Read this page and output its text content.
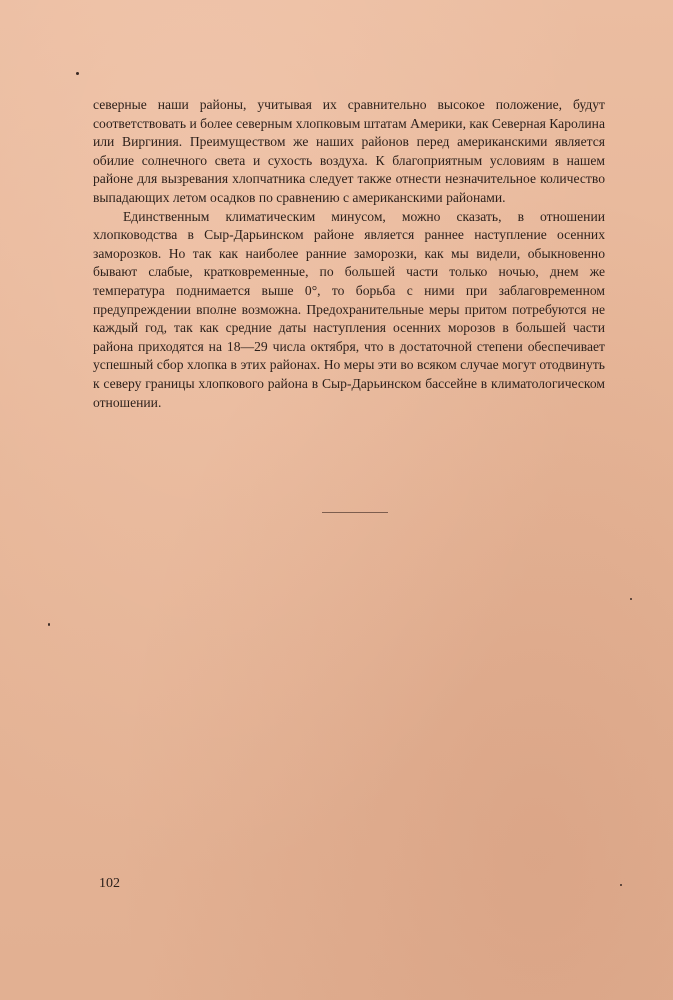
северные наши районы, учитывая их сравнительно высокое положение, будут соответствовать и более северным хлопковым штатам Америки, как Северная Каролина или Виргиния. Преимуществом же наших районов перед американскими является обилие солнечного света и сухость воздуха. К благоприятным условиям в нашем районе для вызревания хлопчатника следует также отнести незначительное количество выпадающих летом осадков по сравнению с американскими районами.

Единственным климатическим минусом, можно сказать, в отношении хлопководства в Сыр-Дарьинском районе является раннее наступление осенних заморозков. Но так как наиболее ранние заморозки, как мы видели, обыкновенно бывают слабые, кратковременные, по большей части только ночью, днем же температура поднимается выше 0°, то борьба с ними при заблаговременном предупреждении вполне возможна. Предохранительные меры притом потребуются не каждый год, так как средние даты наступления осенних морозов в большей части района приходятся на 18—29 числа октября, что в достаточной степени обеспечивает успешный сбор хлопка в этих районах. Но меры эти во всяком случае могут отодвинуть к северу границы хлопкового района в Сыр-Дарьинском бассейне в климатологическом отношении.

102
